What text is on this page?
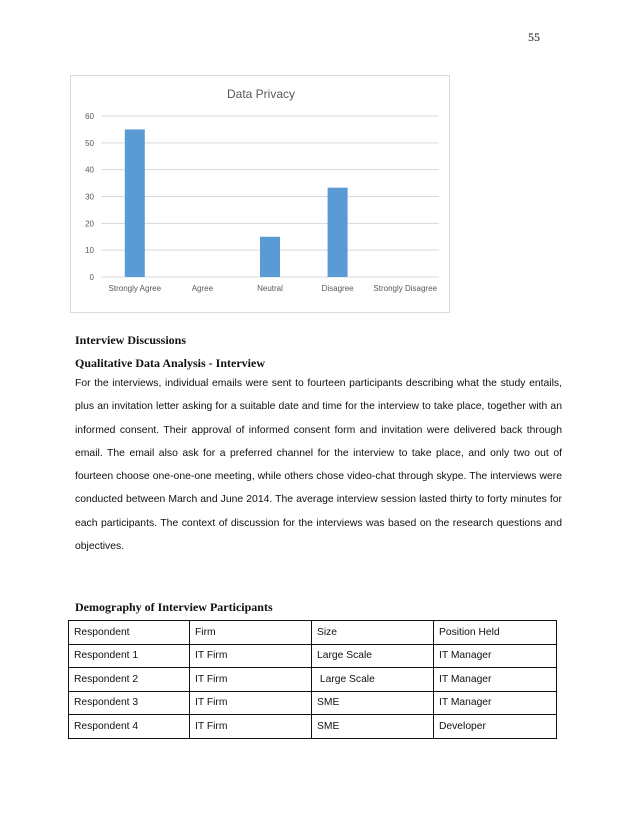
55
Data Privacy
0
10
20
30
40
50
60
Strongly Agree	Agree	Neutral	Disagree Strongly Disagree
Interview Discussions
Qualitative Data Analysis - Interview
For the interviews, individual emails were sent to fourteen participants describing what the study entails, plus an invitation letter asking for a suitable date and time for the interview to take place, together with an informed consent. Their approval of informed consent form and invitation were delivered back through email. The email also ask for a preferred channel for the interview to take place, and only two out of fourteen choose one-one-one meeting, while others chose video-chat through skype. The interviews were conducted between March and June 2014. The average interview session lasted thirty to forty minutes for each participants. The context of discussion for the interviews was based on the research questions and objectives.
Demography of Interview Participants
Respondent	Firm	Size	Position Held
Respondent 1	IT Firm	Large Scale	IT Manager
Respondent 2	IT Firm	Large Scale	IT Manager
Respondent 3	IT Firm	SME	IT Manager
Respondent 4	IT Firm	SME	Developer
